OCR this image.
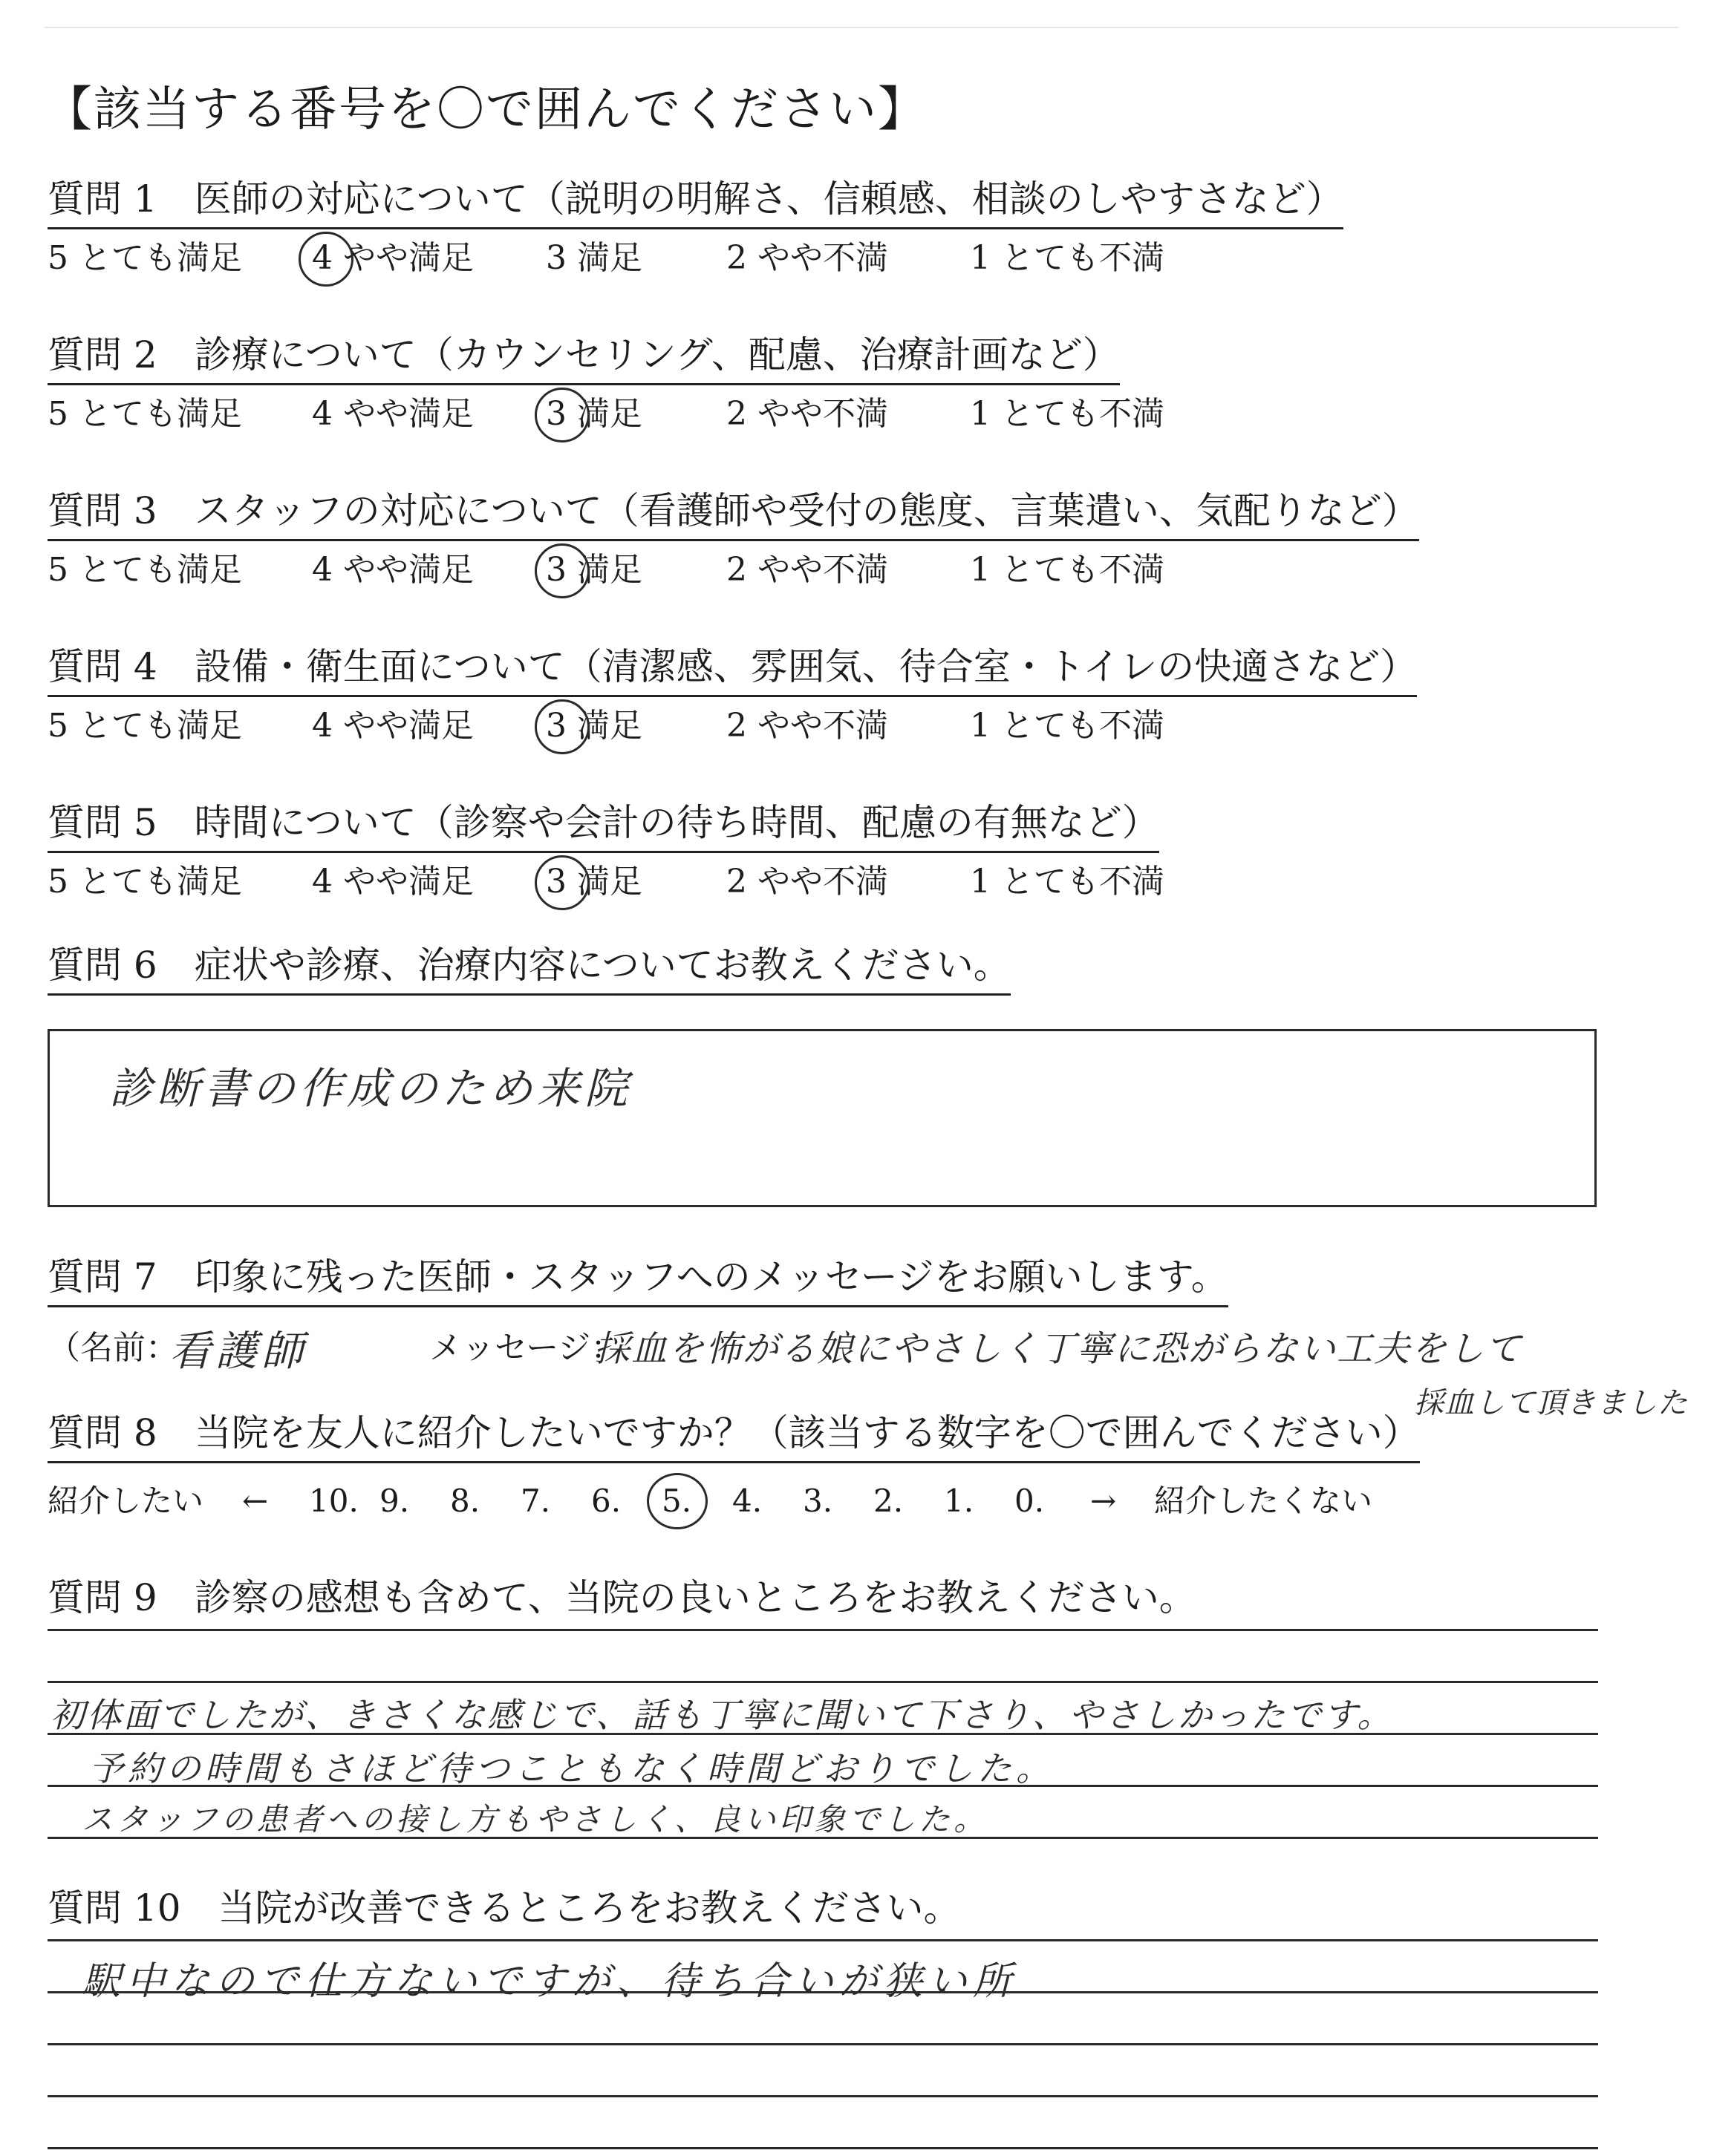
【該当する番号を〇で囲んでください】
質問 1　医師の対応について（説明の明解さ、信頼感、相談のしやすさなど）
5 とても満足 4 やや満足 3 満足	2 やや不満	1 とても不満
質問 2　診療について（カウンセリング、配慮、治療計画など）
5 とても満足 4 やや満足 3 満足	2 やや不満	1 とても不満
質問 3　スタッフの対応について（看護師や受付の態度、言葉遣い、気配りなど）
5 とても満足 4 やや満足 3 満足	2 やや不満	1 とても不満
質問 4　設備・衛生面について（清潔感、雰囲気、待合室・トイレの快適さなど）
5 とても満足 4 やや満足 3 満足	2 やや不満	1 とても不満
質問 5　時間について（診察や会計の待ち時間、配慮の有無など）
5 とても満足 4 やや満足 3 満足	2 やや不満	1 とても不満
質問 6　症状や診療、治療内容についてお教えください。
診断書の作成のため来院
質問 7　印象に残った医師・スタッフへのメッセージをお願いします。
（名前：
看護師	メッセージ：
採血を怖がる娘にやさしく丁寧に恐がらない工夫をして
採血して頂きました
質問 8　当院を友人に紹介したいですか？（該当する数字を〇で囲んでください）
紹介したい ← 10. 9. 8. 7. 6. 5. 4. 3. 2. 1. 0. → 紹介したくない
質問 9　診察の感想も含めて、当院の良いところをお教えください。
初体面でしたが、きさくな感じで、話も丁寧に聞いて下さり、やさしかったです。
予約の時間もさほど待つこともなく時間どおりでした。
スタッフの患者への接し方もやさしく、良い印象でした。
質問 10　当院が改善できるところをお教えください。
駅中なので仕方ないですが、待ち合いが狭い所
